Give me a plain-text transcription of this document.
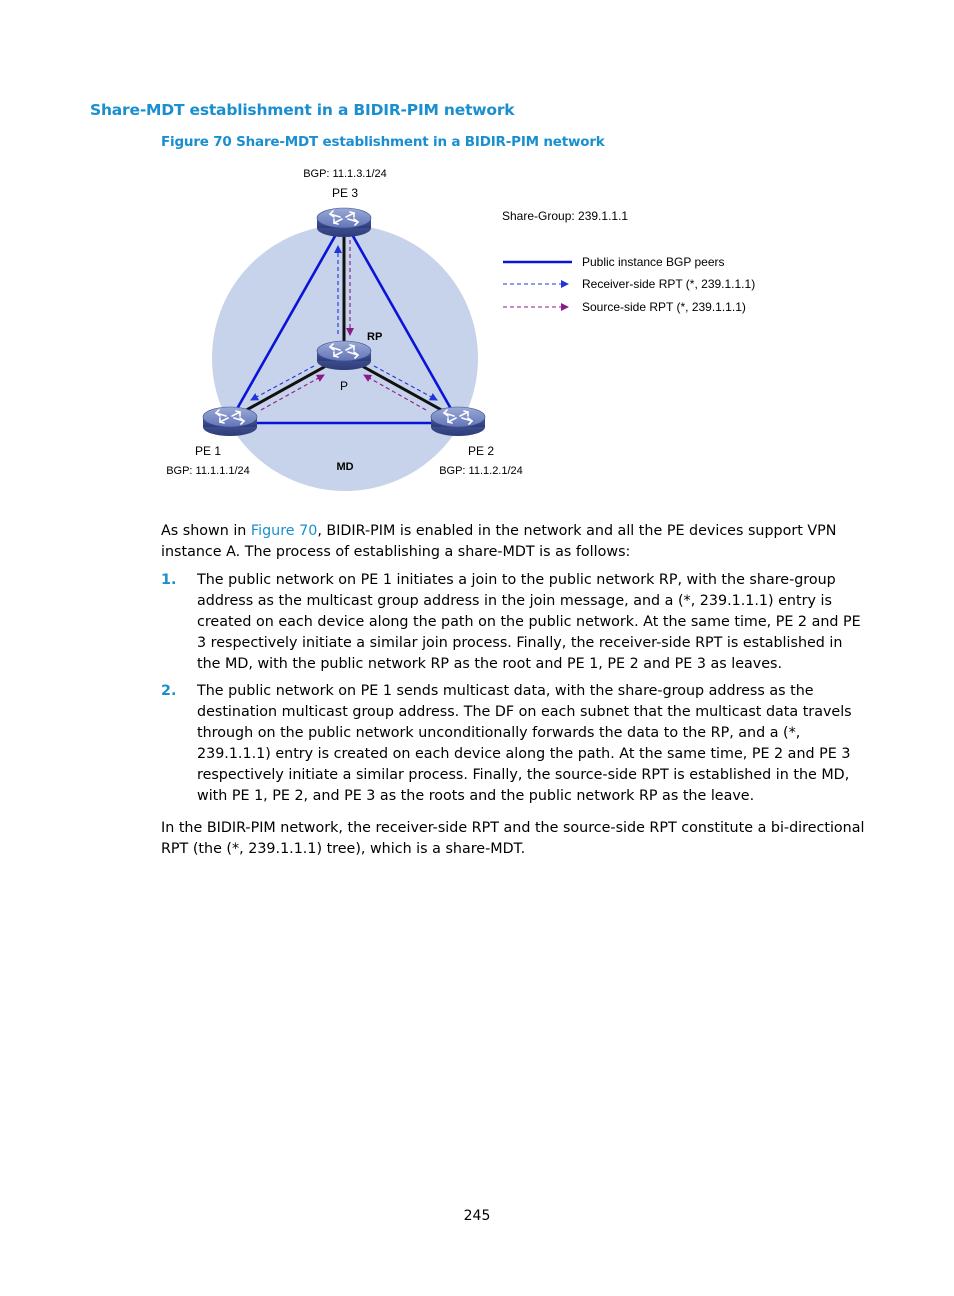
Share-MDT establishment in a BIDIR-PIM network
Figure 70 Share-MDT establishment in a BIDIR-PIM network
BGP: 11.1.3.1/24
PE 3
RP
P
PE 1
BGP: 11.1.1.1/24
PE 2
BGP: 11.1.2.1/24
MD
Share-Group: 239.1.1.1
Public instance BGP peers
Receiver-side RPT (*, 239.1.1.1)
Source-side RPT (*, 239.1.1.1)

As shown in Figure 70, BIDIR-PIM is enabled in the network and all the PE devices support VPN instance A. The process of establishing a share-MDT is as follows:

1. The public network on PE 1 initiates a join to the public network RP, with the share-group address as the multicast group address in the join message, and a (*, 239.1.1.1) entry is created on each device along the path on the public network. At the same time, PE 2 and PE 3 respectively initiate a similar join process. Finally, the receiver-side RPT is established in the MD, with the public network RP as the root and PE 1, PE 2 and PE 3 as leaves.
2. The public network on PE 1 sends multicast data, with the share-group address as the destination multicast group address. The DF on each subnet that the multicast data travels through on the public network unconditionally forwards the data to the RP, and a (*, 239.1.1.1) entry is created on each device along the path. At the same time, PE 2 and PE 3 respectively initiate a similar process. Finally, the source-side RPT is established in the MD, with PE 1, PE 2, and PE 3 as the roots and the public network RP as the leave.

In the BIDIR-PIM network, the receiver-side RPT and the source-side RPT constitute a bi-directional RPT (the (*, 239.1.1.1) tree), which is a share-MDT.

245
